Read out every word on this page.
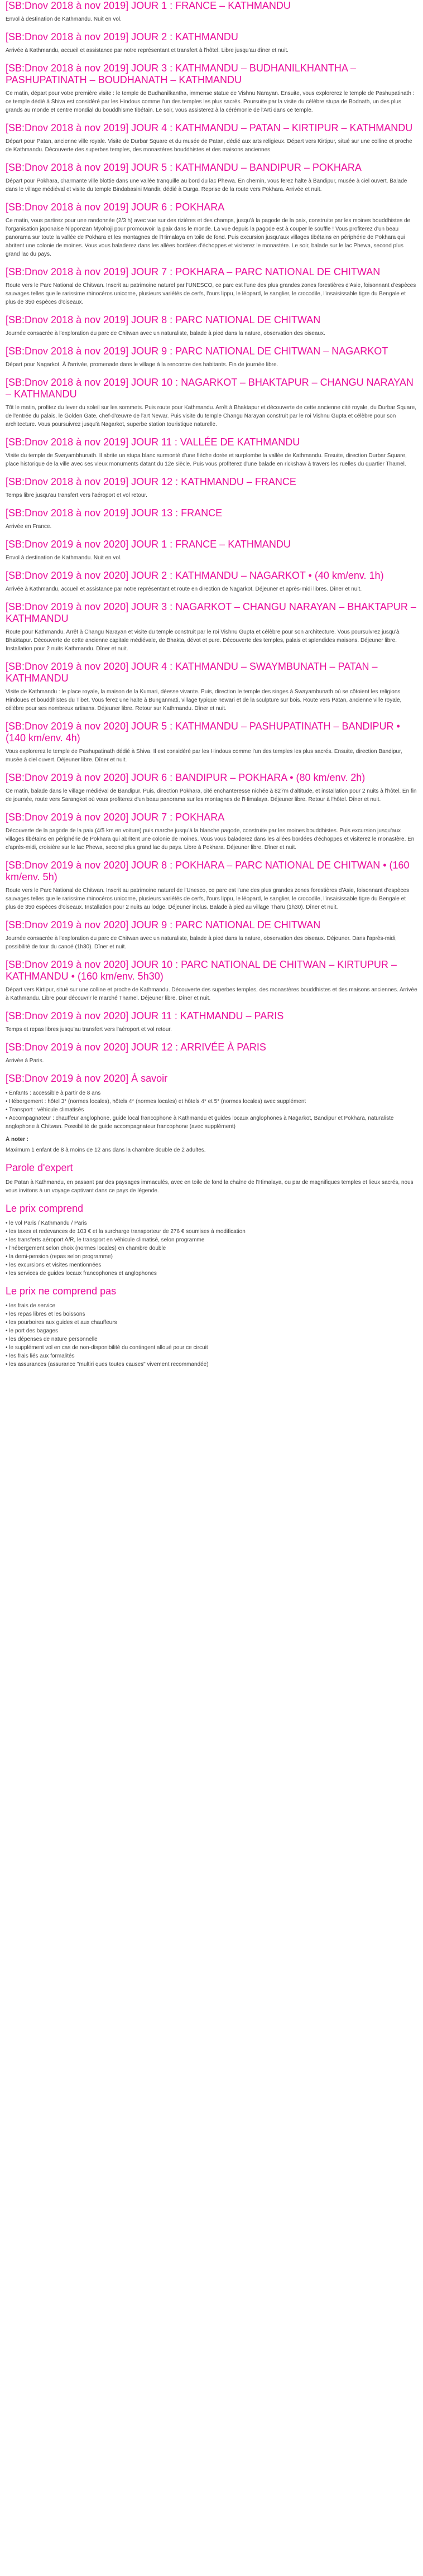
[SB:Dnov 2018 à nov 2019] JOUR 1 : FRANCE – KATHMANDU

Envol à destination de Kathmandu. Nuit en vol.

[SB:Dnov 2018 à nov 2019] JOUR 2 : KATHMANDU

Arrivée à Kathmandu, accueil et assistance par notre représentant et transfert à l'hôtel. Libre jusqu'au dîner et nuit.

[SB:Dnov 2018 à nov 2019] JOUR 3 : KATHMANDU – BUDHANILKHANTHA – PASHUPATINATH – BOUDHANATH – KATHMANDU

Ce matin, départ pour votre première visite : le temple de Budhanilkantha, immense statue de Vishnu Narayan. Ensuite, vous explorerez le temple de Pashupatinath : ce temple dédié à Shiva est considéré par les Hindous comme l'un des temples les plus sacrés. Poursuite par la visite du célèbre stupa de Bodnath, un des plus grands au monde et centre mondial du bouddhisme tibétain. Le soir, vous assisterez à la cérémonie de l'Arti dans ce temple.

[SB:Dnov 2018 à nov 2019] JOUR 4 : KATHMANDU – PATAN – KIRTIPUR – KATHMANDU

Départ pour Patan, ancienne ville royale. Visite de Durbar Square et du musée de Patan, dédié aux arts religieux. Départ vers Kirtipur, situé sur une colline et proche de Kathmandu. Découverte des superbes temples, des monastères bouddhistes et des maisons anciennes.

[SB:Dnov 2018 à nov 2019] JOUR 5 : KATHMANDU – BANDIPUR – POKHARA

Départ pour Pokhara, charmante ville blottie dans une vallée tranquille au bord du lac Phewa. En chemin, vous ferez halte à Bandipur, musée à ciel ouvert. Balade dans le village médiéval et visite du temple Bindabasini Mandir, dédié à Durga. Reprise de la route vers Pokhara. Arrivée et nuit.

[SB:Dnov 2018 à nov 2019] JOUR 6 : POKHARA

Ce matin, vous partirez pour une randonnée (2/3 h) avec vue sur des rizières et des champs, jusqu'à la pagode de la paix, construite par les moines bouddhistes de l'organisation japonaise Nipponzan Myohoji pour promouvoir la paix dans le monde. La vue depuis la pagode est à couper le souffle ! Vous profiterez d'un beau panorama sur toute la vallée de Pokhara et les montagnes de l'Himalaya en toile de fond. Puis excursion jusqu'aux villages tibétains en périphérie de Pokhara qui abritent une colonie de moines. Vous vous baladerez dans les allées bordées d'échoppes et visiterez le monastère. Le soir, balade sur le lac Phewa, second plus grand lac du pays.

[SB:Dnov 2018 à nov 2019] JOUR 7 : POKHARA – PARC NATIONAL DE CHITWAN

Route vers le Parc National de Chitwan. Inscrit au patrimoine naturel par l'UNESCO, ce parc est l'une des plus grandes zones forestières d'Asie, foisonnant d'espèces sauvages telles que le rarissime rhinocéros unicorne, plusieurs variétés de cerfs, l'ours lippu, le léopard, le sanglier, le crocodile, l'insaisissable tigre du Bengale et plus de 350 espèces d'oiseaux.

[SB:Dnov 2018 à nov 2019] JOUR 8 : PARC NATIONAL DE CHITWAN

Journée consacrée à l'exploration du parc de Chitwan avec un naturaliste, balade à pied dans la nature, observation des oiseaux.

[SB:Dnov 2018 à nov 2019] JOUR 9 : PARC NATIONAL DE CHITWAN – NAGARKOT

Départ pour Nagarkot. À l'arrivée, promenade dans le village à la rencontre des habitants. Fin de journée libre.

[SB:Dnov 2018 à nov 2019] JOUR 10 : NAGARKOT – BHAKTAPUR – CHANGU NARAYAN – KATHMANDU

Tôt le matin, profitez du lever du soleil sur les sommets. Puis route pour Kathmandu. Arrêt à Bhaktapur et découverte de cette ancienne cité royale, du Durbar Square, de l'entrée du palais, le Golden Gate, chef-d'œuvre de l'art Newar. Puis visite du temple Changu Narayan construit par le roi Vishnu Gupta et célèbre pour son architecture. Vous poursuivrez jusqu'à Nagarkot, superbe station touristique naturelle.

[SB:Dnov 2018 à nov 2019] JOUR 11 : VALLÉE DE KATHMANDU

Visite du temple de Swayambhunath. Il abrite un stupa blanc surmonté d'une flèche dorée et surplombe la vallée de Kathmandu. Ensuite, direction Durbar Square, place historique de la ville avec ses vieux monuments datant du 12e siècle. Puis vous profiterez d'une balade en rickshaw à travers les ruelles du quartier Thamel.

[SB:Dnov 2018 à nov 2019] JOUR 12 : KATHMANDU – FRANCE

Temps libre jusqu'au transfert vers l'aéroport et vol retour.

[SB:Dnov 2018 à nov 2019] JOUR 13 : FRANCE

Arrivée en France.

[SB:Dnov 2019 à nov 2020] JOUR 1 : FRANCE – KATHMANDU

Envol à destination de Kathmandu. Nuit en vol.

[SB:Dnov 2019 à nov 2020] JOUR 2 : KATHMANDU – NAGARKOT • (40 km/env. 1h)

Arrivée à Kathmandu, accueil et assistance par notre représentant et route en direction de Nagarkot. Déjeuner et après-midi libres. Dîner et nuit.

[SB:Dnov 2019 à nov 2020] JOUR 3 : NAGARKOT – CHANGU NARAYAN – BHAKTAPUR – KATHMANDU

Route pour Kathmandu. Arrêt à Changu Narayan et visite du temple construit par le roi Vishnu Gupta et célèbre pour son architecture. Vous poursuivrez jusqu'à Bhaktapur. Découverte de cette ancienne capitale médiévale, de Bhakta, dévot et pure. Découverte des temples, palais et splendides maisons. Déjeuner libre. Installation pour 2 nuits Kathmandu. Dîner et nuit.

[SB:Dnov 2019 à nov 2020] JOUR 4 : KATHMANDU – SWAYMBUNATH – PATAN – KATHMANDU

Visite de Kathmandu : le place royale, la maison de la Kumari, déesse vivante. Puis, direction le temple des singes à Swayambunath où se côtoient les religions Hindoues et bouddhistes du Tibet. Vous ferez une halte à Bunganmati, village typique newari et de la sculpture sur bois. Route vers Patan, ancienne ville royale, célèbre pour ses nombreux artisans. Déjeuner libre. Retour sur Kathmandu. Dîner et nuit.

[SB:Dnov 2019 à nov 2020] JOUR 5 : KATHMANDU – PASHUPATINATH – BANDIPUR • (140 km/env. 4h)

Vous explorerez le temple de Pashupatinath dédié à Shiva. Il est considéré par les Hindous comme l'un des temples les plus sacrés. Ensuite, direction Bandipur, musée à ciel ouvert. Déjeuner libre. Dîner et nuit.

[SB:Dnov 2019 à nov 2020] JOUR 6 : BANDIPUR – POKHARA • (80 km/env. 2h)

Ce matin, balade dans le village médiéval de Bandipur. Puis, direction Pokhara, cité enchanteresse nichée à 827m d'altitude, et installation pour 2 nuits à l'hôtel. En fin de journée, route vers Sarangkot où vous profiterez d'un beau panorama sur les montagnes de l'Himalaya. Déjeuner libre. Retour à l'hôtel. Dîner et nuit.

[SB:Dnov 2019 à nov 2020] JOUR 7 : POKHARA

Découverte de la pagode de la paix (4/5 km en voiture) puis marche jusqu'à la blanche pagode, construite par les moines bouddhistes. Puis excursion jusqu'aux villages tibétains en périphérie de Pokhara qui abritent une colonie de moines. Vous vous baladerez dans les allées bordées d'échoppes et visiterez le monastère. En d'après-midi, croisière sur le lac Phewa, second plus grand lac du pays. Libre à Pokhara. Déjeuner libre. Dîner et nuit.

[SB:Dnov 2019 à nov 2020] JOUR 8 : POKHARA – PARC NATIONAL DE CHITWAN • (160 km/env. 5h)

Route vers le Parc National de Chitwan. Inscrit au patrimoine naturel de l'Unesco, ce parc est l'une des plus grandes zones forestières d'Asie, foisonnant d'espèces sauvages telles que le rarissime rhinocéros unicorne, plusieurs variétés de cerfs, l'ours lippu, le léopard, le sanglier, le crocodile, l'insaisissable tigre du Bengale et plus de 350 espèces d'oiseaux. Installation pour 2 nuits au lodge. Déjeuner inclus. Balade à pied au village Tharu (1h30). Dîner et nuit.

[SB:Dnov 2019 à nov 2020] JOUR 9 : PARC NATIONAL DE CHITWAN

Journée consacrée à l'exploration du parc de Chitwan avec un naturaliste, balade à pied dans la nature, observation des oiseaux. Déjeuner. Dans l'après-midi, possibilité de tour du canoé (1h30). Dîner et nuit.

[SB:Dnov 2019 à nov 2020] JOUR 10 : PARC NATIONAL DE CHITWAN – KIRTUPUR – KATHMANDU • (160 km/env. 5h30)

Départ vers Kirtipur, situé sur une colline et proche de Kathmandu. Découverte des superbes temples, des monastères bouddhistes et des maisons anciennes. Arrivée à Kathmandu. Libre pour découvrir le marché Thamel. Déjeuner libre. Dîner et nuit.

[SB:Dnov 2019 à nov 2020] JOUR 11 : KATHMANDU – PARIS

Temps et repas libres jusqu'au transfert vers l'aéroport et vol retour.

[SB:Dnov 2019 à nov 2020] JOUR 12 : ARRIVÉE À PARIS

Arrivée à Paris.

[SB:Dnov 2019 à nov 2020] À savoir
• Enfants : accessible à partir de 8 ans
• Hébergement : hôtel 3* (normes locales), hôtels 4* (normes locales) et hôtels 4* et 5* (normes locales) avec supplément
• Transport : véhicule climatisés
• Accompagnateur : chauffeur anglophone, guide local francophone à Kathmandu et guides locaux anglophones à Nagarkot, Bandipur et Pokhara, naturaliste anglophone à Chitwan. Possibilité de guide accompagnateur francophone (avec supplément)

À noter :

Maximum 1 enfant de 8 à moins de 12 ans dans la chambre double de 2 adultes.

Parole d'expert

De Patan à Kathmandu, en passant par des paysages immaculés, avec en toile de fond la chaîne de l'Himalaya, ou par de magnifiques temples et lieux sacrés, nous vous invitons à un voyage captivant dans ce pays de légende.

Le prix comprend
• le vol Paris / Kathmandu / Paris
• les taxes et redevances de 103 € et la surcharge transporteur de 276 € soumises à modification
• les transferts aéroport A/R, le transport en véhicule climatisé, selon programme
• l'hébergement selon choix (normes locales) en chambre double
• la demi-pension (repas selon programme)
• les excursions et visites mentionnées
• les services de guides locaux francophones et anglophones
Le prix ne comprend pas
• les frais de service
• les repas libres et les boissons
• les pourboires aux guides et aux chauffeurs
• le port des bagages
• les dépenses de nature personnelle
• le supplément vol en cas de non-disponibilité du contingent alloué pour ce circuit
• les frais liés aux formalités
• les assurances (assurance "multiri ques toutes causes" vivement recommandée)
